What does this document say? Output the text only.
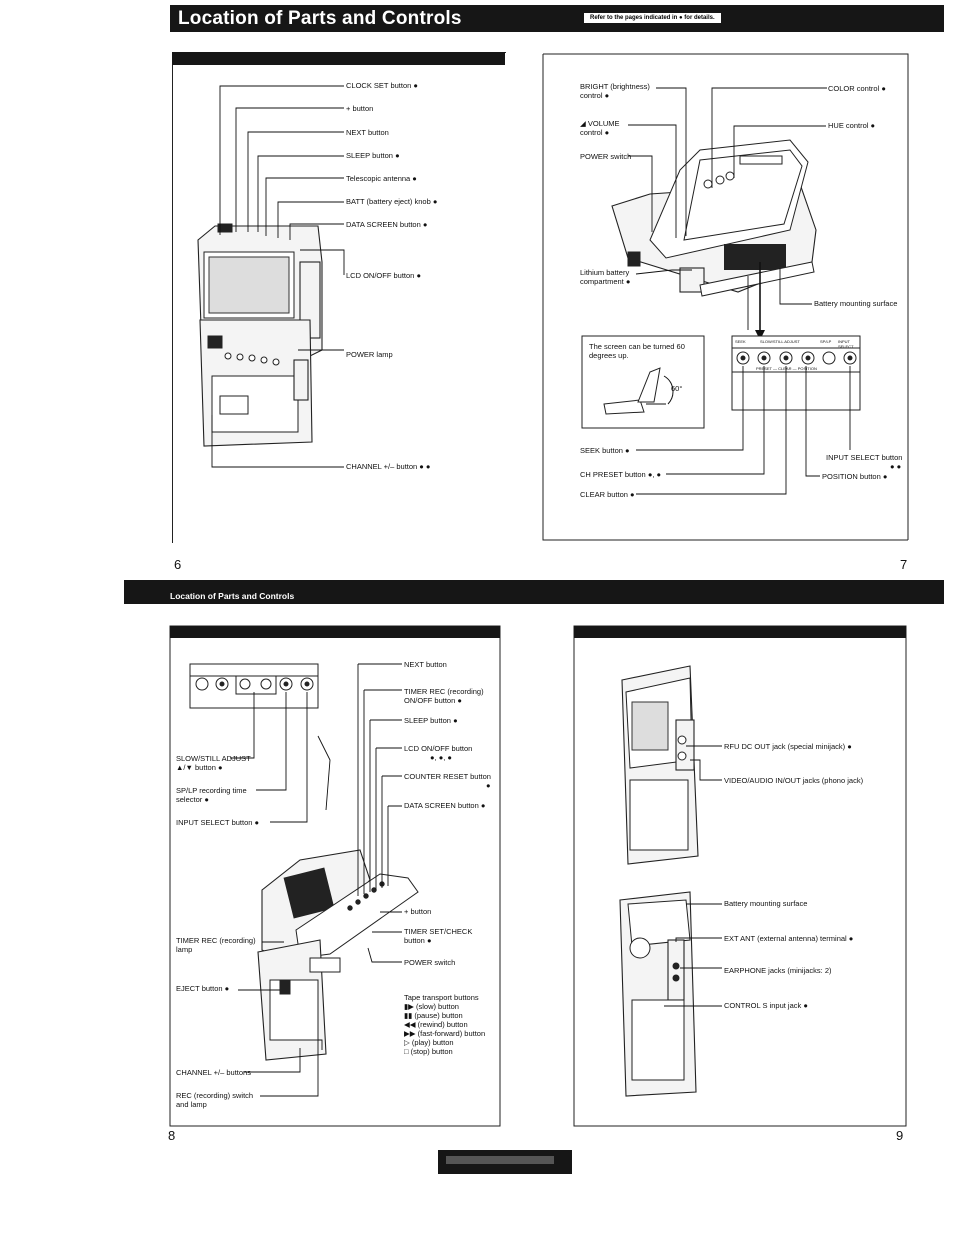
Location of Parts and Controls	Refer to the pages indicated in ● for details.
CLOCK SET button ●
+ button
NEXT button
SLEEP button ●
Telescopic antenna ●
BATT (battery eject) knob ●
DATA SCREEN button ●
LCD ON/OFF button ●
POWER lamp
CHANNEL +/– button ● ●
6
BRIGHT (brightness) control ●
◢ VOLUME control ●
POWER switch
Lithium battery compartment ●
COLOR control ●
HUE control ●
Battery mounting surface
The screen can be turned 60 degrees up.
60°
SEEK	SLOW/STILL ADJUST	SP/LP INPUT SELECT
PRESET — CLEAR — POSITION
SEEK button ●
CH PRESET button ●, ●
CLEAR button ●
INPUT SELECT button
● ●
POSITION button ●
7
Location of Parts and Controls
NEXT button
TIMER REC (recording) ON/OFF button ●
SLEEP button ●
LCD ON/OFF button
●, ●, ●
COUNTER RESET button
●
DATA SCREEN button ●
SLOW/STILL ADJUST ▲/▼ button ●
SP/LP recording time selector ●
INPUT SELECT button ●
+ button
TIMER SET/CHECK button ●
POWER switch
TIMER REC (recording) lamp
EJECT button ●
CHANNEL +/– buttons
REC (recording) switch and lamp
Tape transport buttons
▮▶ (slow) button
▮▮ (pause) button
◀◀ (rewind) button
▶▶ (fast-forward) button
▷ (play) button
□ (stop) button
8
RFU DC OUT jack (special minijack) ●
VIDEO/AUDIO IN/OUT jacks (phono jack)
Battery mounting surface
EXT ANT (external antenna) terminal ●
EARPHONE jacks (minijacks: 2)
CONTROL S input jack ●
9
